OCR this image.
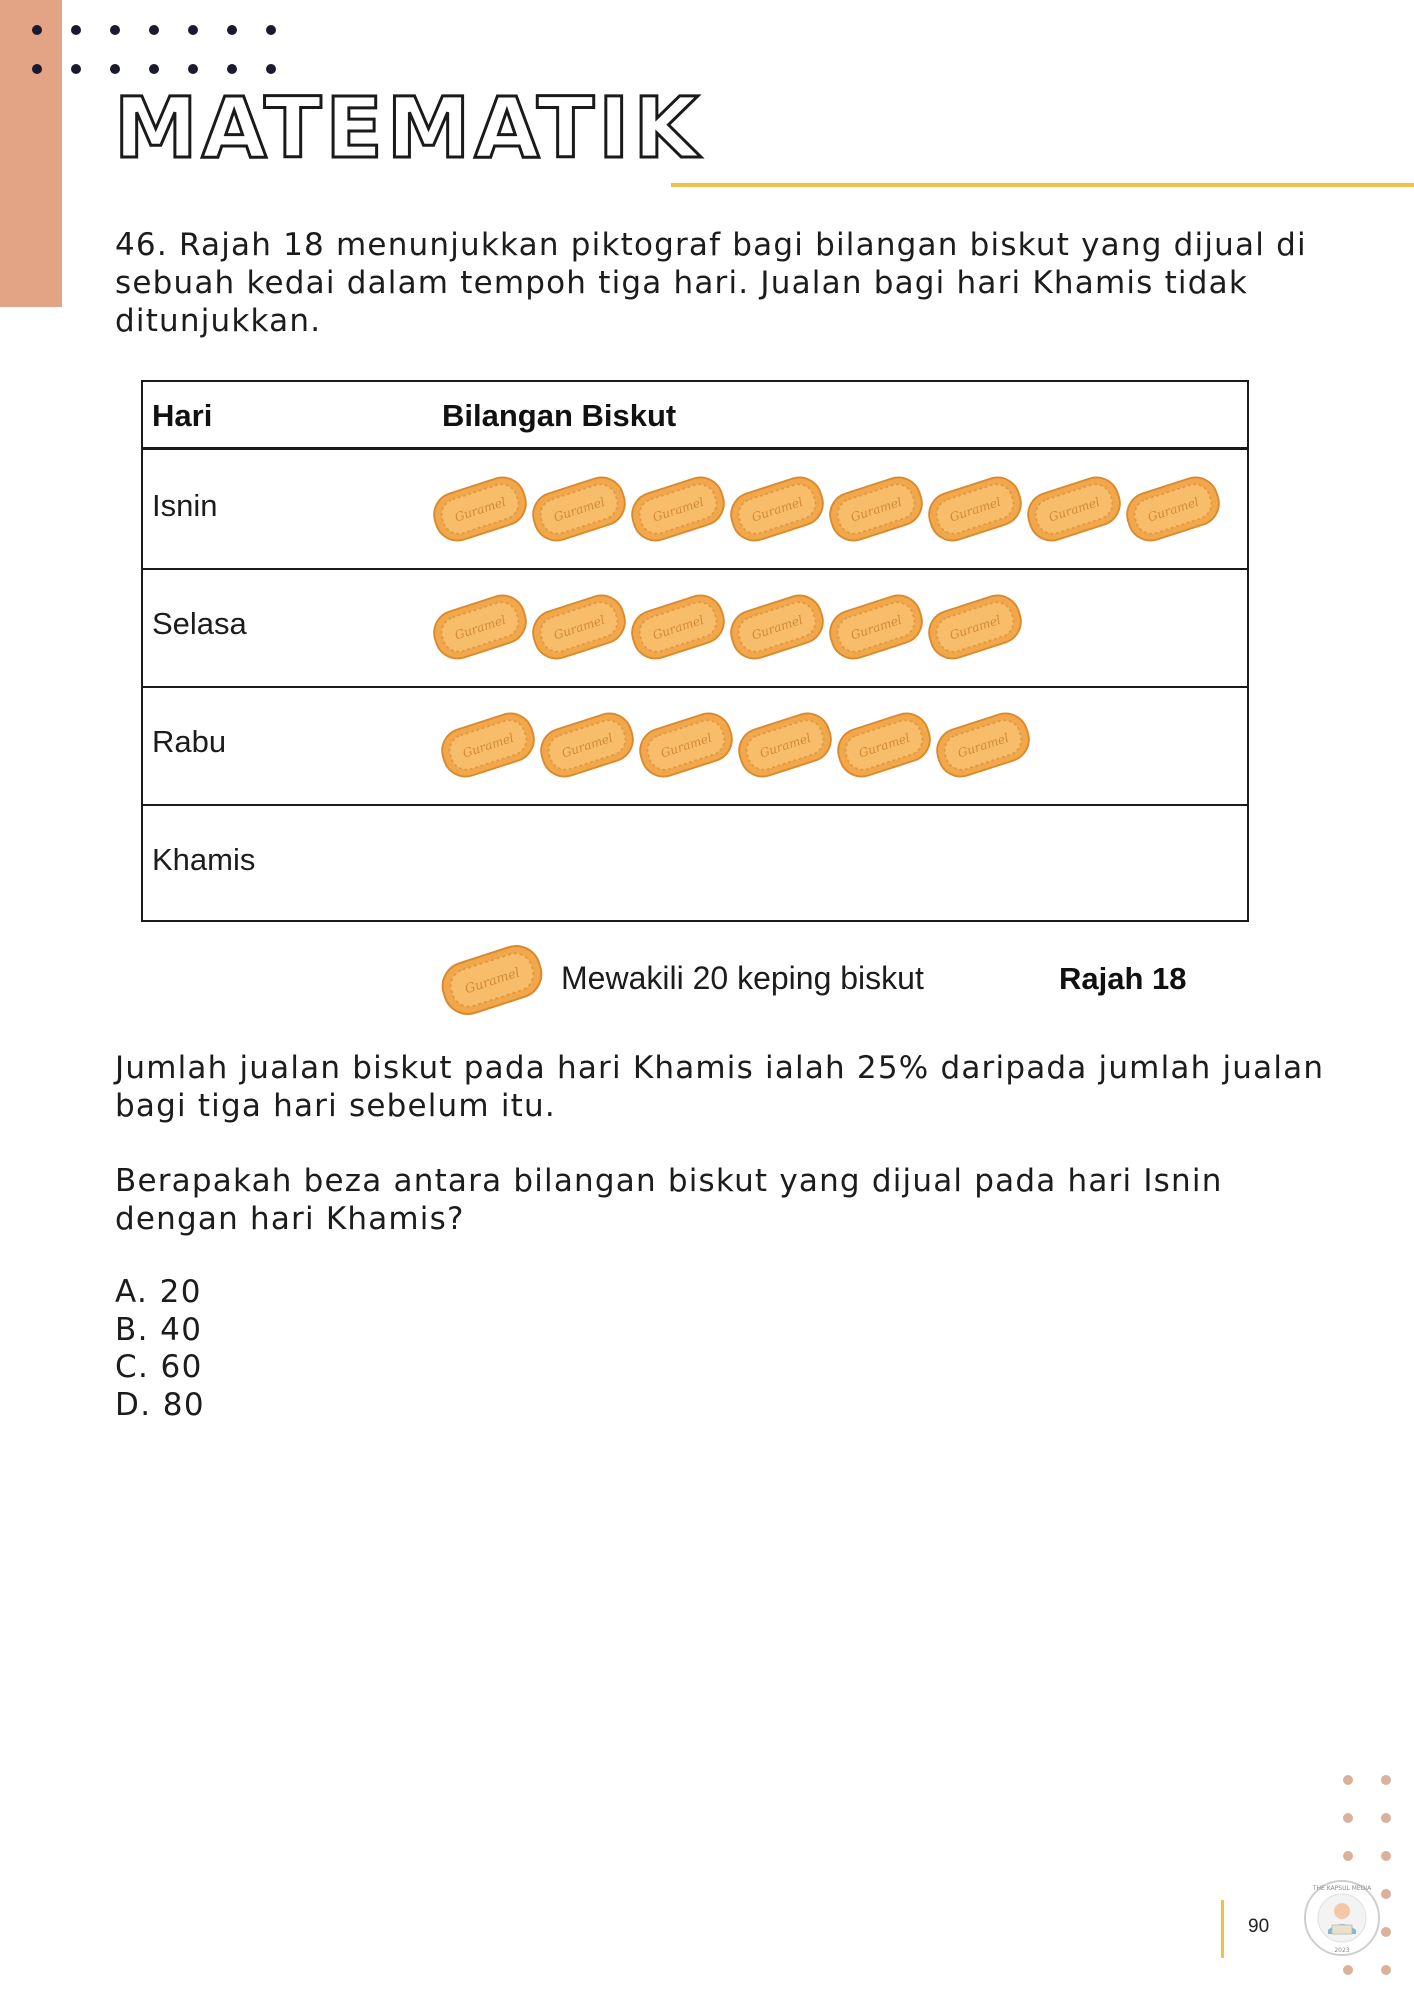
MATEMATIK

46. Rajah 18 menunjukkan piktograf bagi bilangan biskut yang dijual di sebuah kedai dalam tempoh tiga hari. Jualan bagi hari Khamis tidak ditunjukkan.

Hari	Bilangan Biskut
Isnin	Guramel	Guramel	Guramel	Guramel	Guramel	Guramel	Guramel	Guramel
Selasa	Guramel	Guramel	Guramel	Guramel	Guramel	Guramel
Rabu	Guramel	Guramel	Guramel	Guramel	Guramel	Guramel
Khamis
Guramel Mewakili 20 keping biskut	Rajah 18

Jumlah jualan biskut pada hari Khamis ialah 25% daripada jumlah jualan bagi tiga hari sebelum itu.

Berapakah beza antara bilangan biskut yang dijual pada hari Isnin dengan hari Khamis?

A. 20
B. 40
C. 60
D. 80
90
THE KAPSUL MEDIA
2023
